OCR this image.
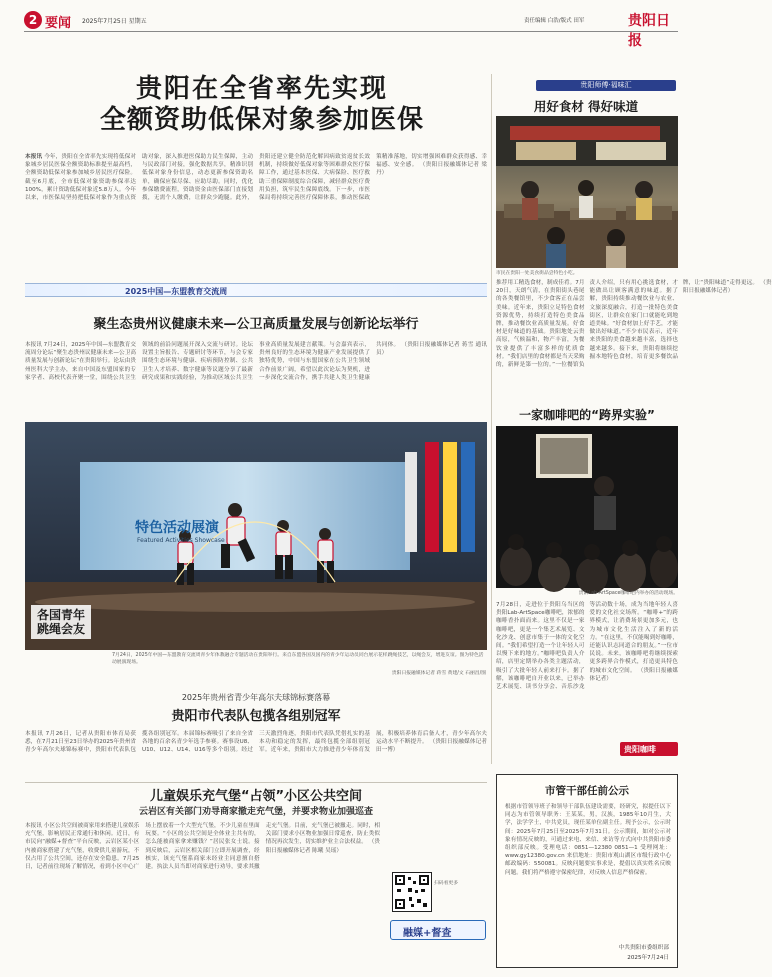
2 要闻 2025年7月25日 星期五	责任编辑 白浩/版式 田军	贵阳日报
贵阳在全省率先实现
全额资助低保对象参加医保
本报讯 今年，贵阳在全省率先实现将低保对象城乡居民医保全额资助标准提至最高档，全额资助低保对象参加城乡居民医疗保险。截至6月底，全市低保对象资助参保率达100%，累计资助低保对象近5.8万人。今年以来，市医保局坚持把低保对象作为重点资助对象，深入推进医保助力民生保障，主动与民政部门对接，强化数据共享，精准识别低保对象身份信息，动态更新参保资助名单，确保应保尽保、应助尽助。同时，优化参保缴费流程，资助资金由医保部门直接划拨，无需个人缴费，让群众少跑腿。此外，贵阳还建立健全防范化解因病致贫返贫长效机制，持续做好低保对象等困难群众医疗保障工作，通过基本医保、大病保险、医疗救助三重保障制度综合保障，减轻群众医疗费用负担，筑牢民生保障底线。下一步，市医保局将持续完善医疗保障体系，推动医保政策精准落地，切实增强困难群众获得感、幸福感、安全感。 （贵阳日报融媒体记者 梁丹）
贵阳师傅·福味汇
用好食材 得好味道
市民在贵阳一处美食街品尝特色小吃。
推荐用工精选食材，制成佳肴。7月20日，天朗气清，在贵阳街头巷尾的各类餐馆里，不少食客正在品尝美味。近年来，贵阳立足特色食材资源优势，持续打造特色美食品牌，推动餐饮业高质量发展。好食材是好味道的基础。贵阳地处云贵高原，气候温和，物产丰富，为餐饮业提供了丰富多样的优质食材。“我们店里的食材都是当天采购的，新鲜是第一位的。”一位餐馆负责人介绍，只有用心挑选食材，才能做出让顾客满意的味道。据了解，贵阳持续推动餐饮业与农业、文旅深度融合，打造一批特色美食街区，让群众在家门口就能吃到地道美味。“好食材加上好手艺，才能做出好味道。”不少市民表示，近年来贵阳的美食越来越丰富，选择也越来越多。接下来，贵阳将继续挖掘本地特色食材，培育更多餐饮品牌，让“贵阳味道”走得更远。 （贵阳日报融媒体记者）
2025中国—东盟教育交流周
聚生态贵州议健康未来—公卫高质量发展与创新论坛举行
本报讯 7月24日，2025年中国—东盟教育交流周分论坛“聚生态贵州议健康未来—公卫高质量发展与创新论坛”在贵阳举行。论坛由贵州医科大学主办，来自中国及东盟国家的专家学者、高校代表齐聚一堂，围绕公共卫生领域的前沿问题展开深入交流与研讨。论坛设置主旨报告、专题研讨等环节，与会专家围绕生态环境与健康、疾病预防控制、公共卫生人才培养、数字健康等议题分享了最新研究成果和实践经验，为推动区域公共卫生事业高质量发展建言献策。与会嘉宾表示，贵州良好的生态环境为健康产业发展提供了独特优势，中国与东盟国家在公共卫生领域合作前景广阔，希望以此次论坛为契机，进一步深化交流合作，携手共建人类卫生健康共同体。 （贵阳日报融媒体记者 蒋雪 通讯员）
特色活动展演
Featured Activities Showcase
各国青年
跳绳会友
7月24日，2025年中国—东盟教育交流周青少年体教融合专题活动在贵阳举行。来自东盟各国及国内的青少年运动员同台展示花样跳绳技艺，以绳会友，增进友谊。图为特色活动展演现场。
贵阳日报融媒体记者 蒋雪 黄建/文 石丽昌/图
一家咖啡吧的“跨界实验”
贵阳Lab-ArtSpace咖啡吧内举办的活动现场。
7月28日，走进位于贵阳乌当区的贵阳Lab-ArtSpace咖啡吧，浓郁的咖啡香扑面而来。这里不仅是一家咖啡吧，更是一个集艺术展览、文化沙龙、创意市集于一体的文化空间。“我们希望打造一个让年轻人可以慢下来的地方。”咖啡吧负责人介绍，店里定期举办各类主题活动，吸引了大批年轻人前来打卡。据了解，该咖啡吧自开业以来，已举办艺术展览、读书分享会、音乐沙龙等活动数十场，成为当地年轻人喜爱的文化社交场所。“咖啡+”的跨界模式，让消费场景更加多元，也为城市文化生活注入了新的活力。“在这里，不仅能喝到好咖啡，还能认识志同道合的朋友。”一位市民说。未来，该咖啡吧将继续探索更多跨界合作模式，打造更具特色的城市文化空间。 （贵阳日报融媒体记者）
贵阳咖啡
2025年贵州省青少年高尔夫球锦标赛落幕
贵阳市代表队包揽各组别冠军
本报讯 7月26日，记者从贵阳市体育局获悉，在7月21日至23日举办的2025年贵州省青少年高尔夫球锦标赛中，贵阳市代表队包揽各组别冠军。本届锦标赛吸引了来自全省各地的百余名青少年选手参赛。赛事设U8、U10、U12、U14、U16等多个组别。经过三天激烈角逐，贵阳市代表队凭借扎实的基本功和稳定的发挥，最终包揽全部组别冠军。近年来，贵阳市大力推进青少年体育发展，积极培养体育后备人才，青少年高尔夫运动水平不断提升。 （贵阳日报融媒体记者 田一博）
儿童娱乐充气堡“占领”小区公共空间
云岩区有关部门劝导商家撤走充气堡，并要求物业加强巡查
本报讯 小区公共空间被商家用来搭建儿童娱乐充气堡，影响居民正常通行和休闲。近日，有市民向“融媒+督查”平台反映，云岩区某小区内被商家搭建了充气堡，收费供儿童游玩，不仅占用了公共空间，还存在安全隐患。7月25日，记者前往现场了解情况，看到小区中心广场上摆放着一个大型充气堡，不少儿童在里面玩耍。“小区的公共空间是全体业主共有的，怎么能被商家拿来赚钱？”居民张女士说。接到反映后，云岩区相关部门立即开展调查，经核实，该充气堡系商家未经业主同意擅自搭建。执法人员当即对商家进行劝导，要求其撤走充气堡。目前，充气堡已被撤走。同时，相关部门要求小区物业加强日常巡查，防止类似情况再次发生，切实维护业主合法权益。 （贵阳日报融媒体记者 陈曦 吴瑶）
扫码看更多
融媒+督查
市管干部任前公示
根据市管领导班子和领导干部队伍建设需要，经研究，拟提任以下同志为市管领导职务：王某某，男，汉族，1985年10月生，大学，法学学士，中共党员，现任某单位副主任。现予公示，公示时间：2025年7月25日至2025年7月31日。公示期间，如对公示对象有情况反映的，可通过来电、来信、来访等方式向中共贵阳市委组织部反映。受理电话：0851—12380 0851—1 受理网址：www.gy12380.gov.cn 来信地址：贵阳市观山湖区市级行政中心 邮政编码：550081。反映问题要实事求是，提倡以真实姓名反映问题。我们将严格遵守保密纪律，对反映人信息严格保密。
中共贵阳市委组织部
2025年7月24日
